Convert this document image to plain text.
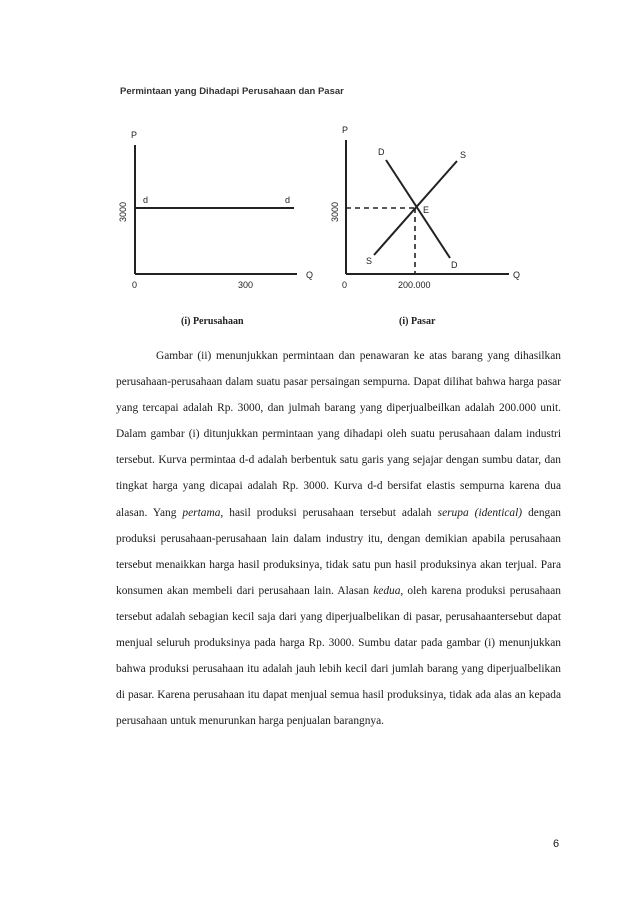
Permintaan yang Dihadapi Perusahaan dan Pasar
P
Q
0	300
3000
d	d
P
Q
0	200.000
3000
D
D
S
S
E
(i) Perusahaan	(i) Pasar

Gambar (ii) menunjukkan permintaan dan penawaran ke atas barang yang dihasilkan perusahaan-perusahaan dalam suatu pasar persaingan sempurna. Dapat dilihat bahwa harga pasar yang tercapai adalah Rp. 3000, dan julmah barang yang diperjualbeilkan adalah 200.000 unit. Dalam gambar (i) ditunjukkan permintaan yang dihadapi oleh suatu perusahaan dalam industri tersebut. Kurva permintaa d-d adalah berbentuk satu garis yang sejajar dengan sumbu datar, dan tingkat harga yang dicapai adalah Rp. 3000. Kurva d-d bersifat elastis sempurna karena dua alasan. Yang pertama, hasil produksi perusahaan tersebut adalah serupa (identical) dengan produksi perusahaan-perusahaan lain dalam industry itu, dengan demikian apabila perusahaan tersebut menaikkan harga hasil produksinya, tidak satu pun hasil produksinya akan terjual. Para konsumen akan membeli dari perusahaan lain. Alasan kedua, oleh karena produksi perusahaan tersebut adalah sebagian kecil saja dari yang diperjualbelikan di pasar, perusahaantersebut dapat menjual seluruh produksinya pada harga Rp. 3000. Sumbu datar pada gambar (i) menunjukkan bahwa produksi perusahaan itu adalah jauh lebih kecil dari jumlah barang yang diperjualbelikan di pasar. Karena perusahaan itu dapat menjual semua hasil produksinya, tidak ada alas an kepada perusahaan untuk menurunkan harga penjualan barangnya.

6
